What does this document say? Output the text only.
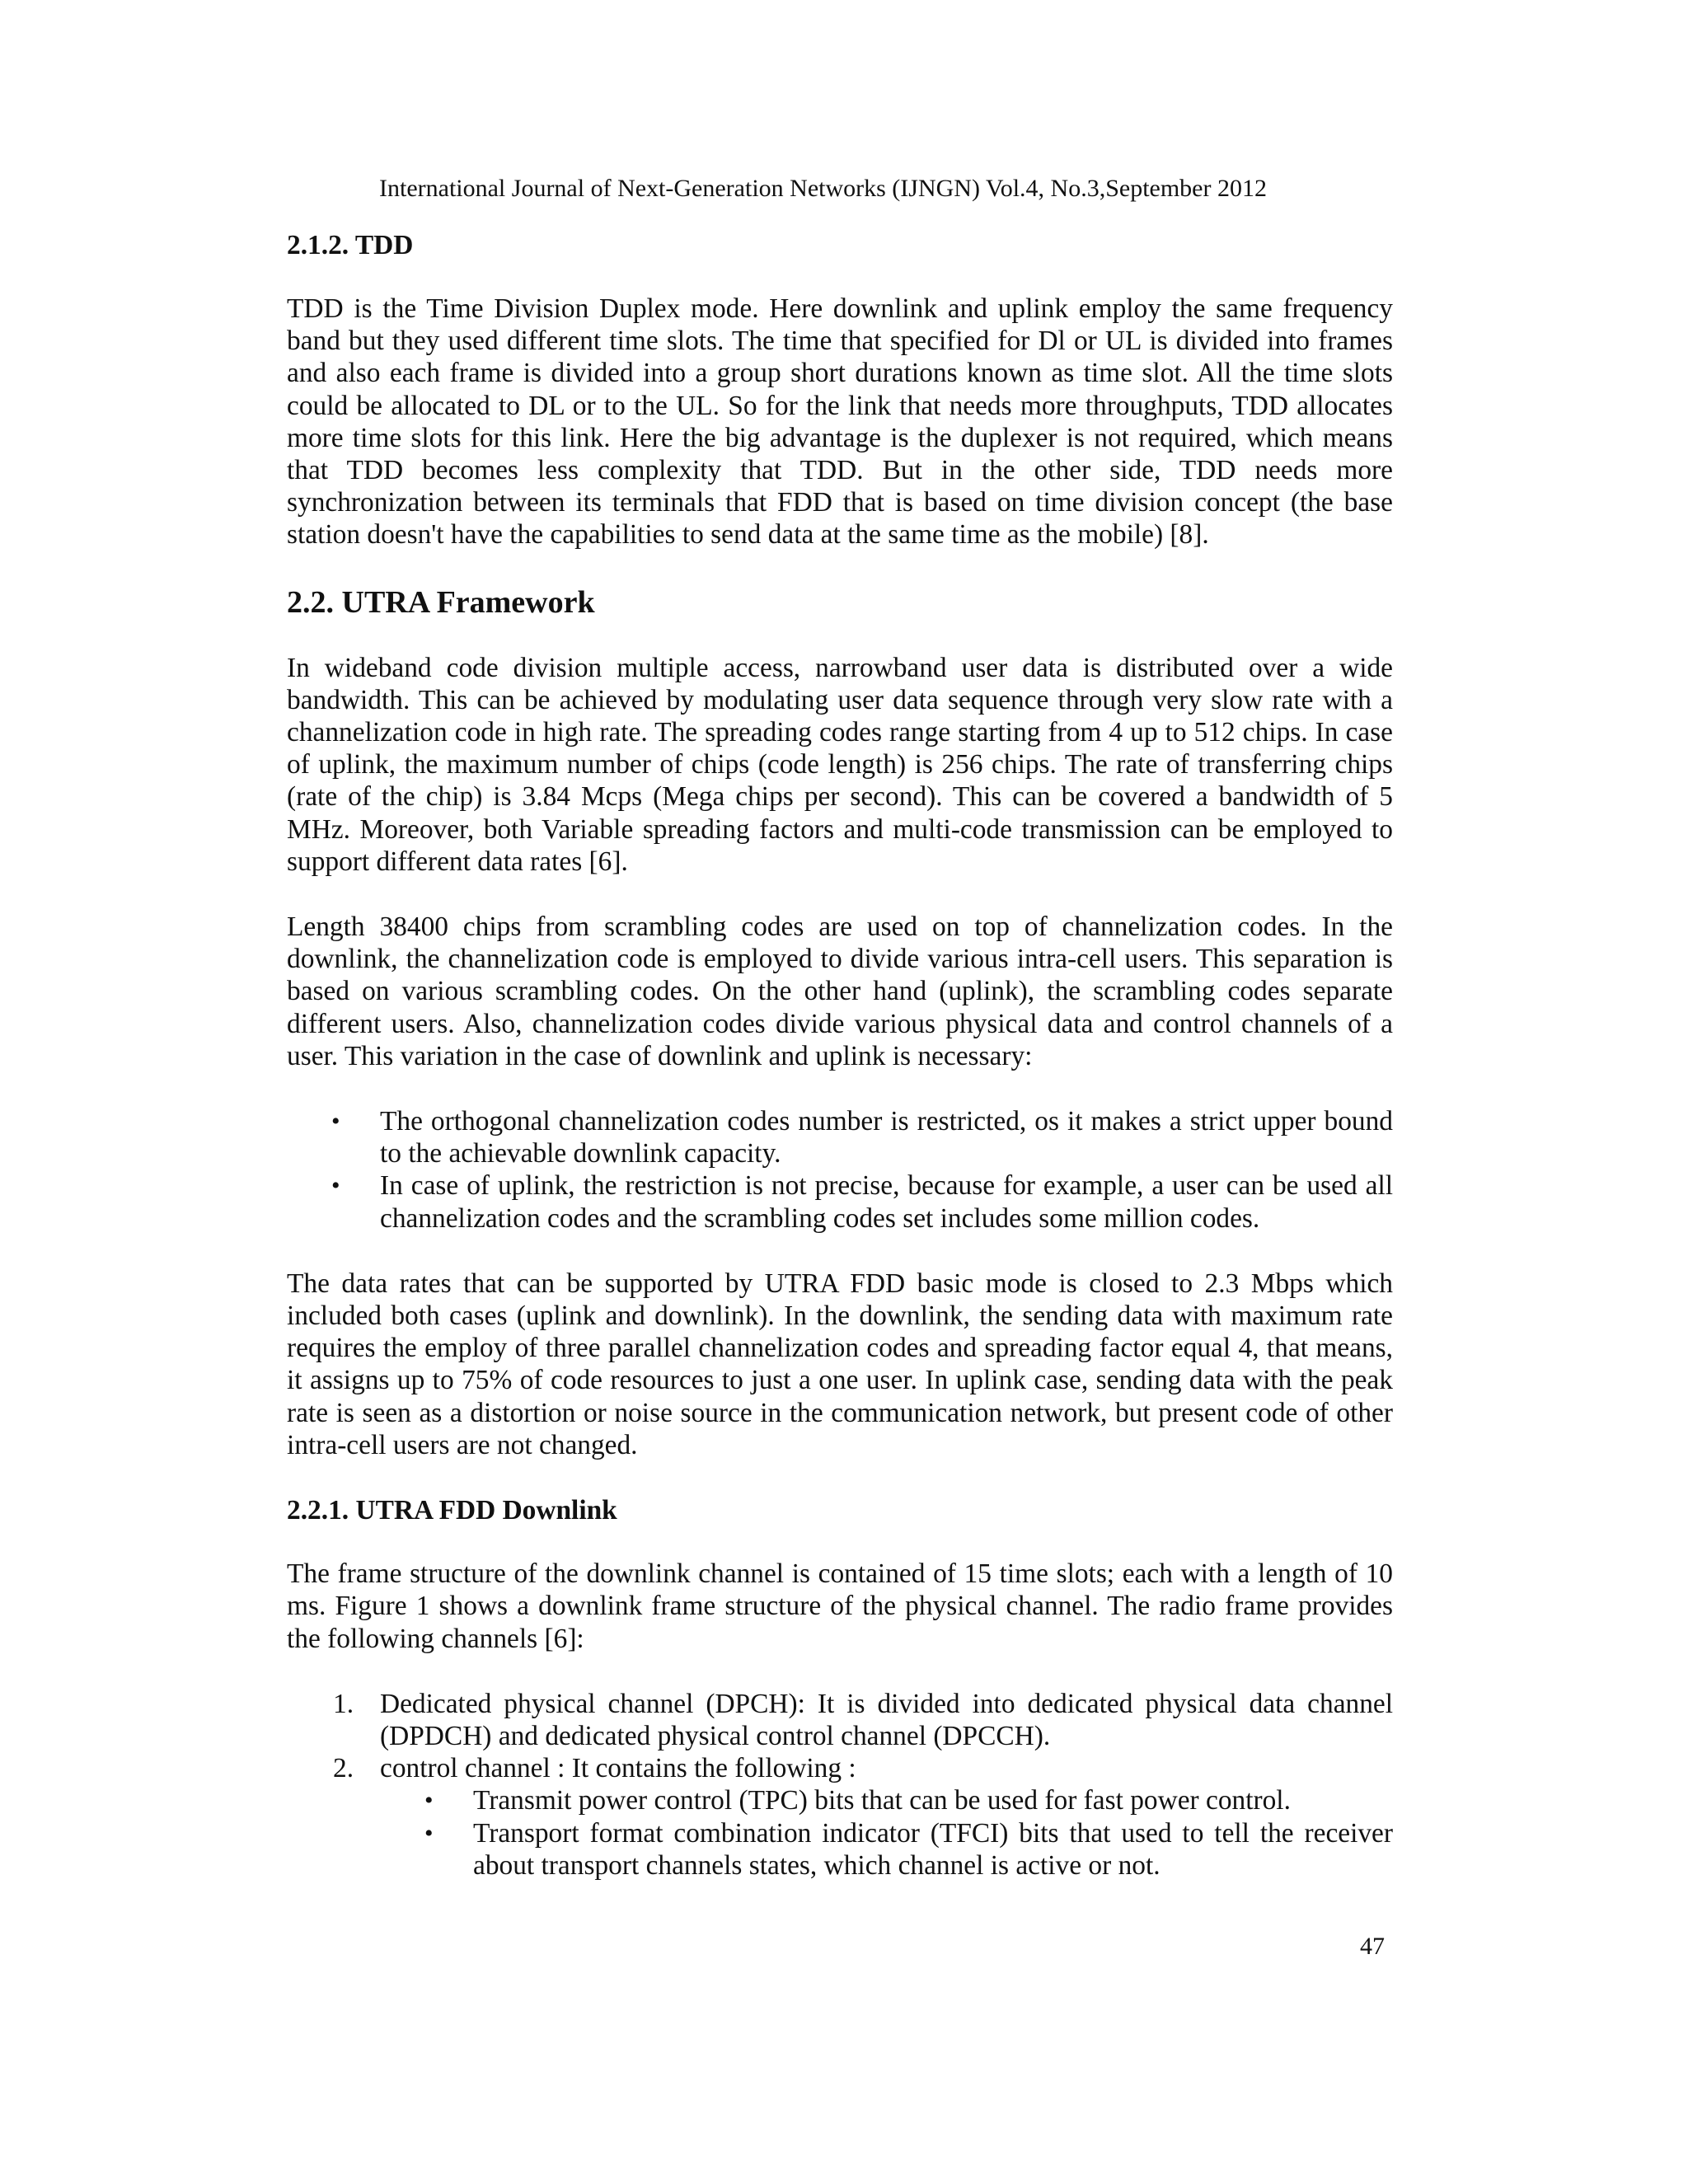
International Journal of Next-Generation Networks (IJNGN) Vol.4, No.3,September 2012
2.1.2. TDD

TDD is the Time Division Duplex mode. Here downlink and uplink employ the same frequency band but they used different time slots. The time that specified for Dl or UL is divided into frames and also each frame is divided into a group short durations known as time slot. All the time slots could be allocated to DL or to the UL. So for the link that needs more throughputs, TDD allocates more time slots for this link. Here the big advantage is the duplexer is not required, which means that TDD becomes less complexity that TDD. But in the other side, TDD needs more synchronization between its terminals that FDD that is based on time division concept (the base station doesn't have the capabilities to send data at the same time as the mobile) [8].

2.2. UTRA Framework

In wideband code division multiple access, narrowband user data is distributed over a wide bandwidth. This can be achieved by modulating user data sequence through very slow rate with a channelization code in high rate. The spreading codes range starting from 4 up to 512 chips. In case of uplink, the maximum number of chips (code length) is 256 chips. The rate of transferring chips (rate of the chip) is 3.84 Mcps (Mega chips per second). This can be covered a bandwidth of 5 MHz. Moreover, both Variable spreading factors and multi-code transmission can be employed to support different data rates [6].

Length 38400 chips from scrambling codes are used on top of channelization codes. In the downlink, the channelization code is employed to divide various intra-cell users. This separation is based on various scrambling codes. On the other hand (uplink), the scrambling codes separate different users. Also, channelization codes divide various physical data and control channels of a user. This variation in the case of downlink and uplink is necessary:

• The orthogonal channelization codes number is restricted, os it makes a strict upper bound to the achievable downlink capacity.
• In case of uplink, the restriction is not precise, because for example, a user can be used all channelization codes and the scrambling codes set includes some million codes.

The data rates that can be supported by UTRA FDD basic mode is closed to 2.3 Mbps which included both cases (uplink and downlink). In the downlink, the sending data with maximum rate requires the employ of three parallel channelization codes and spreading factor equal 4, that means, it assigns up to 75% of code resources to just a one user. In uplink case, sending data with the peak rate is seen as a distortion or noise source in the communication network, but present code of other intra-cell users are not changed.

2.2.1. UTRA FDD Downlink

The frame structure of the downlink channel is contained of 15 time slots; each with a length of 10 ms. Figure 1 shows a downlink frame structure of the physical channel. The radio frame provides the following channels [6]:

1. Dedicated physical channel (DPCH): It is divided into dedicated physical data channel (DPDCH) and dedicated physical control channel (DPCCH).
2. control channel : It contains the following :
• Transmit power control (TPC) bits that can be used for fast power control.
• Transport format combination indicator (TFCI) bits that used to tell the receiver about transport channels states, which channel is active or not.
47
